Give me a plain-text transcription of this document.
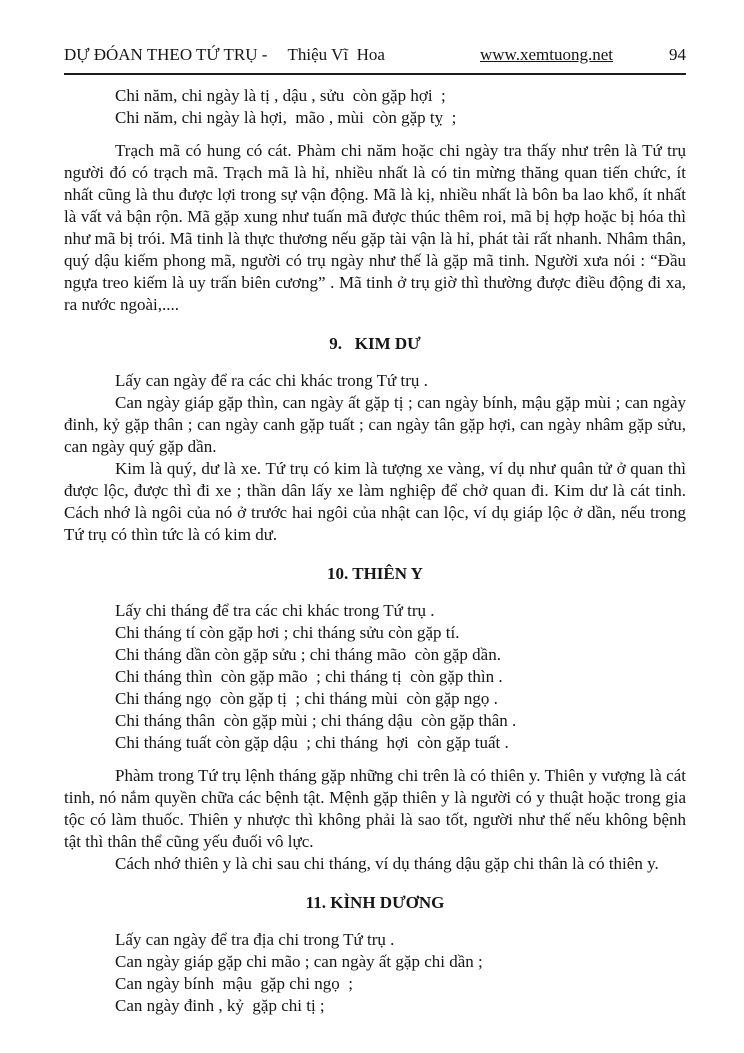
DỰ ĐÓAN THEO TỨ TRỤ - Thiệu Vĩ  Hoa	www.xemtuong.net	94
Chi năm, chi ngày là tị , dậu , sửu  còn gặp hợi  ;
Chi năm, chi ngày là hợi,  mão , mùi  còn gặp tỵ  ;

Trạch mã có hung có cát. Phàm chi năm hoặc chi ngày tra thấy như trên là Tứ trụ người đó có trạch mã. Trạch mã là hỉ, nhiều nhất là có tin mừng thăng quan tiến chức, ít nhất cũng là thu được lợi trong sự vận động. Mã là kị, nhiều nhất là bôn ba lao khổ, ít nhất là vất vả bận rộn. Mã gặp xung như tuấn mã được thúc thêm roi, mã bị hợp hoặc bị hóa thì như mã bị trói. Mã tinh là thực thương nếu gặp tài vận là hỉ, phát tài rất nhanh. Nhâm thân, quý dậu kiếm phong mã, người có trụ ngày như thế là gặp mã tinh. Người xưa nói : “Đầu ngựa treo kiếm là uy trấn biên cương” . Mã tinh ở trụ giờ thì thường được điều động đi xa, ra nước ngoài,....

9.   KIM DƯ
Lấy can ngày để ra các chi khác trong Tứ trụ .

Can ngày giáp gặp thìn, can ngày ất gặp tị ; can ngày bính, mậu gặp mùi ; can ngày đinh, kỷ gặp thân ; can ngày canh gặp tuất ; can ngày tân gặp hợi, can ngày nhâm gặp sửu, can ngày quý gặp dần.

Kim là quý, dư là xe. Tứ trụ có kim là tượng xe vàng, ví dụ như quân tử ở quan thì được lộc, được thì đi xe ; thần dân lấy xe làm nghiệp để chở quan đi. Kim dư là cát tinh. Cách nhớ là ngôi của nó ở trước hai ngôi của nhật can lộc, ví dụ giáp lộc ở dần, nếu trong Tứ trụ có thìn tức là có kim dư.

10. THIÊN Y
Lấy chi tháng để tra các chi khác trong Tứ trụ .
Chi tháng tí còn gặp hơi ; chi tháng sửu còn gặp tí.
Chi tháng dần còn gặp sửu ; chi tháng mão  còn gặp dần.
Chi tháng thìn  còn gặp mão  ; chi tháng tị  còn gặp thìn .
Chi tháng ngọ  còn gặp tị  ; chi tháng mùi  còn gặp ngọ .
Chi tháng thân  còn gặp mùi ; chi tháng dậu  còn gặp thân .
Chi tháng tuất còn gặp dậu  ; chi tháng  hợi  còn gặp tuất .

Phàm trong Tứ trụ lệnh tháng gặp những chi trên là có thiên y. Thiên y vượng là cát tinh, nó nắm quyền chữa các bệnh tật. Mệnh gặp thiên y là người có y thuật hoặc trong gia tộc có làm thuốc. Thiên y nhược thì không phải là sao tốt, người như thế nếu không bệnh tật thì thân thể cũng yếu đuối vô lực.

Cách nhớ thiên y là chi sau chi tháng, ví dụ tháng dậu gặp chi thân là có thiên y.
11. KÌNH DƯƠNG
Lấy can ngày để tra địa chi trong Tứ trụ .
Can ngày giáp gặp chi mão ; can ngày ất gặp chi dần ;
Can ngày bính  mậu  gặp chi ngọ  ;
Can ngày đinh , kỷ  gặp chi tị ;
